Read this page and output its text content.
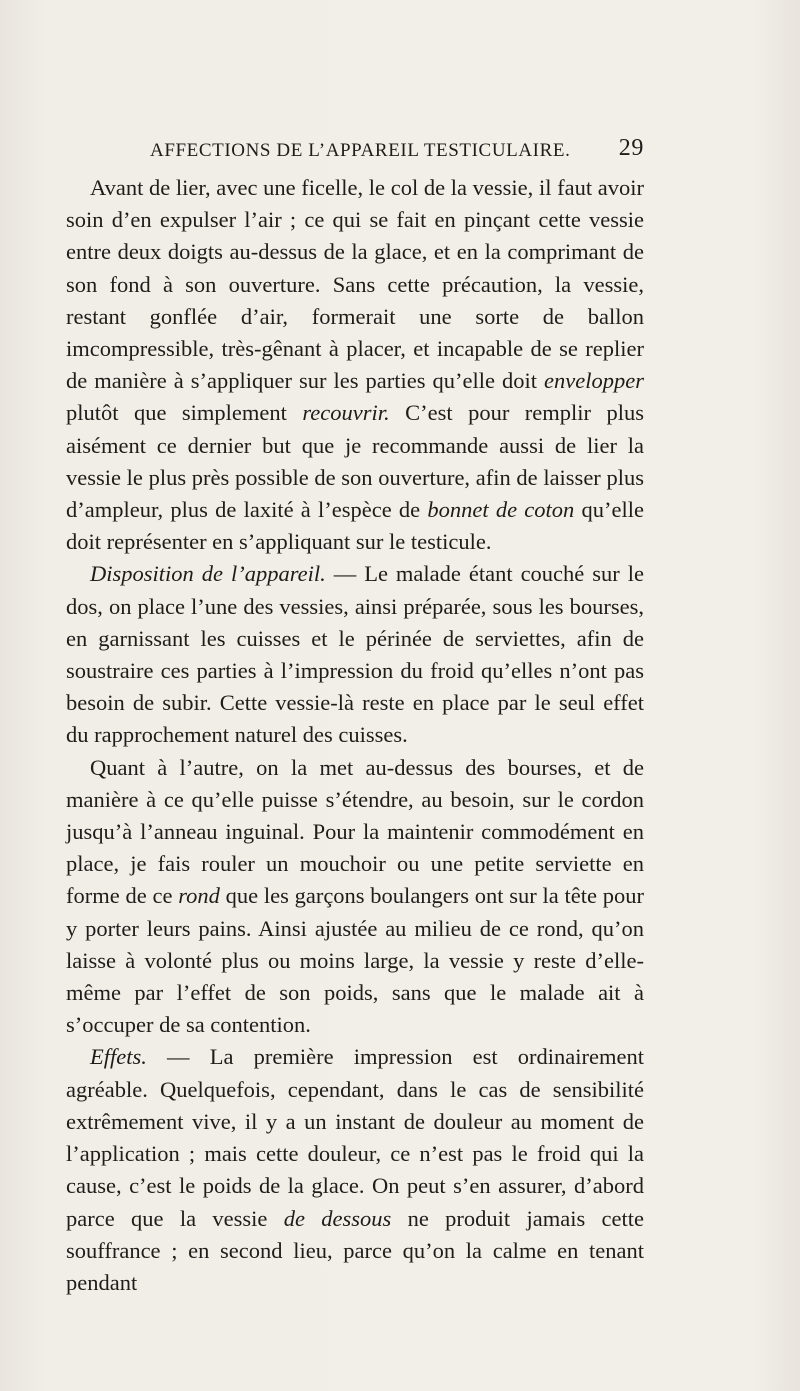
AFFECTIONS DE L’APPAREIL TESTICULAIRE. 29

Avant de lier, avec une ficelle, le col de la vessie, il faut avoir soin d’en expulser l’air ; ce qui se fait en pinçant cette vessie entre deux doigts au-dessus de la glace, et en la comprimant de son fond à son ouverture. Sans cette précaution, la vessie, restant gonflée d’air, formerait une sorte de ballon imcompressible, très-gênant à placer, et incapable de se replier de manière à s’appliquer sur les parties qu’elle doit envelopper plutôt que simplement recouvrir. C’est pour remplir plus aisément ce dernier but que je recommande aussi de lier la vessie le plus près possible de son ouverture, afin de laisser plus d’ampleur, plus de laxité à l’espèce de bonnet de coton qu’elle doit représenter en s’appliquant sur le testicule.

Disposition de l’appareil. — Le malade étant couché sur le dos, on place l’une des vessies, ainsi préparée, sous les bourses, en garnissant les cuisses et le périnée de serviettes, afin de soustraire ces parties à l’impression du froid qu’elles n’ont pas besoin de subir. Cette vessie-là reste en place par le seul effet du rapprochement naturel des cuisses.

Quant à l’autre, on la met au-dessus des bourses, et de manière à ce qu’elle puisse s’étendre, au besoin, sur le cordon jusqu’à l’anneau inguinal. Pour la maintenir commodément en place, je fais rouler un mouchoir ou une petite serviette en forme de ce rond que les garçons boulangers ont sur la tête pour y porter leurs pains. Ainsi ajustée au milieu de ce rond, qu’on laisse à volonté plus ou moins large, la vessie y reste d’elle-même par l’effet de son poids, sans que le malade ait à s’occuper de sa contention.

Effets. — La première impression est ordinairement agréable. Quelquefois, cependant, dans le cas de sensibilité extrêmement vive, il y a un instant de douleur au moment de l’application ; mais cette douleur, ce n’est pas le froid qui la cause, c’est le poids de la glace. On peut s’en assurer, d’abord parce que la vessie de dessous ne produit jamais cette souffrance ; en second lieu, parce qu’on la calme en tenant pendant
